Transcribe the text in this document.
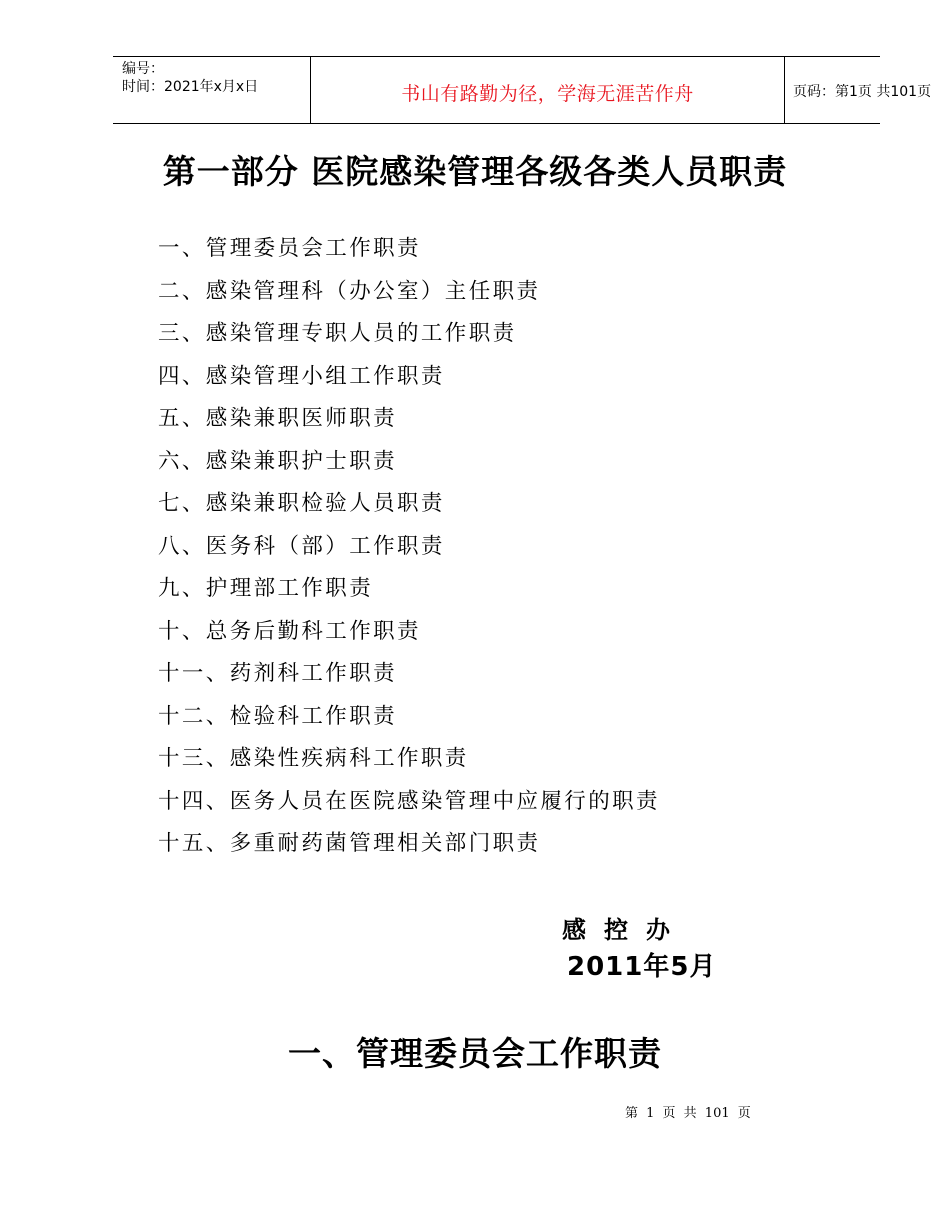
编号：
时间：2021年x月x日	书山有路勤为径，学海无涯苦作舟	页码：第1页 共101页
第一部分 医院感染管理各级各类人员职责
一、管理委员会工作职责
二、感染管理科（办公室）主任职责
三、感染管理专职人员的工作职责
四、感染管理小组工作职责
五、感染兼职医师职责
六、感染兼职护士职责
七、感染兼职检验人员职责
八、医务科（部）工作职责
九、护理部工作职责
十、总务后勤科工作职责
十一、药剂科工作职责
十二、检验科工作职责
十三、感染性疾病科工作职责
十四、医务人员在医院感染管理中应履行的职责
十五、多重耐药菌管理相关部门职责
感控办
2011年5月
一、管理委员会工作职责
第 1 页 共 101 页
